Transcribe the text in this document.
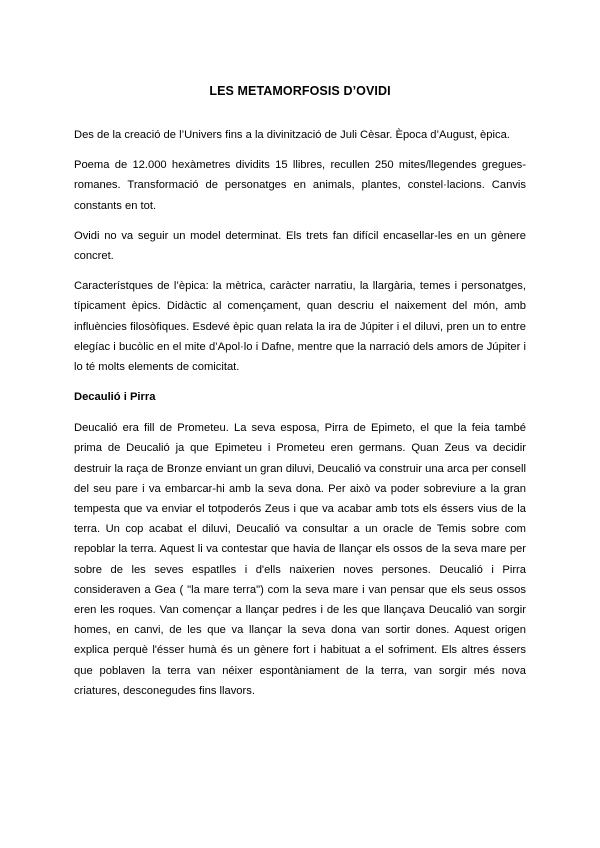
LES METAMORFOSIS D’OVIDI

Des de la creació de l’Univers fins a la divinització de Juli Cèsar. Època d’August, èpica.

Poema de 12.000 hexàmetres dividits 15 llibres, recullen 250 mites/llegendes gregues-romanes. Transformació de personatges en animals, plantes, constel·lacions. Canvis constants en tot.

Ovidi no va seguir un model determinat. Els trets fan difícil encasellar-les en un gènere concret.

Característques de l’èpica: la mètrica, caràcter narratiu, la llargària, temes i personatges, típicament èpics. Didàctic al començament, quan descriu el naixement del món, amb influències filosòfiques. Esdevé èpic quan relata la ira de Júpiter i el diluvi, pren un to entre elegíac i bucòlic en el mite d’Apol·lo i Dafne, mentre que la narració dels amors de Júpiter i lo té molts elements de comicitat.

Decaulió i Pirra

Deucalió era fill de Prometeu. La seva esposa, Pirra de Epimeto, el que la feia també prima de Deucalió ja que Epimeteu i Prometeu eren germans. Quan Zeus va decidir destruir la raça de Bronze enviant un gran diluvi, Deucalió va construir una arca per consell del seu pare i va embarcar-hi amb la seva dona. Per això va poder sobreviure a la gran tempesta que va enviar el totpoderós Zeus i que va acabar amb tots els éssers vius de la terra. Un cop acabat el diluvi, Deucalió va consultar a un oracle de Temis sobre com repoblar la terra. Aquest li va contestar que havia de llançar els ossos de la seva mare per sobre de les seves espatlles i d'ells naixerien noves persones. Deucalió i Pirra consideraven a Gea ( "la mare terra") com la seva mare i van pensar que els seus ossos eren les roques. Van començar a llançar pedres i de les que llançava Deucalió van sorgir homes, en canvi, de les que va llançar la seva dona van sortir dones. Aquest origen explica perquè l'ésser humà és un gènere fort i habituat a el sofriment. Els altres éssers que poblaven la terra van néixer espontàniament de la terra, van sorgir més nova criatures, desconegudes fins llavors.
